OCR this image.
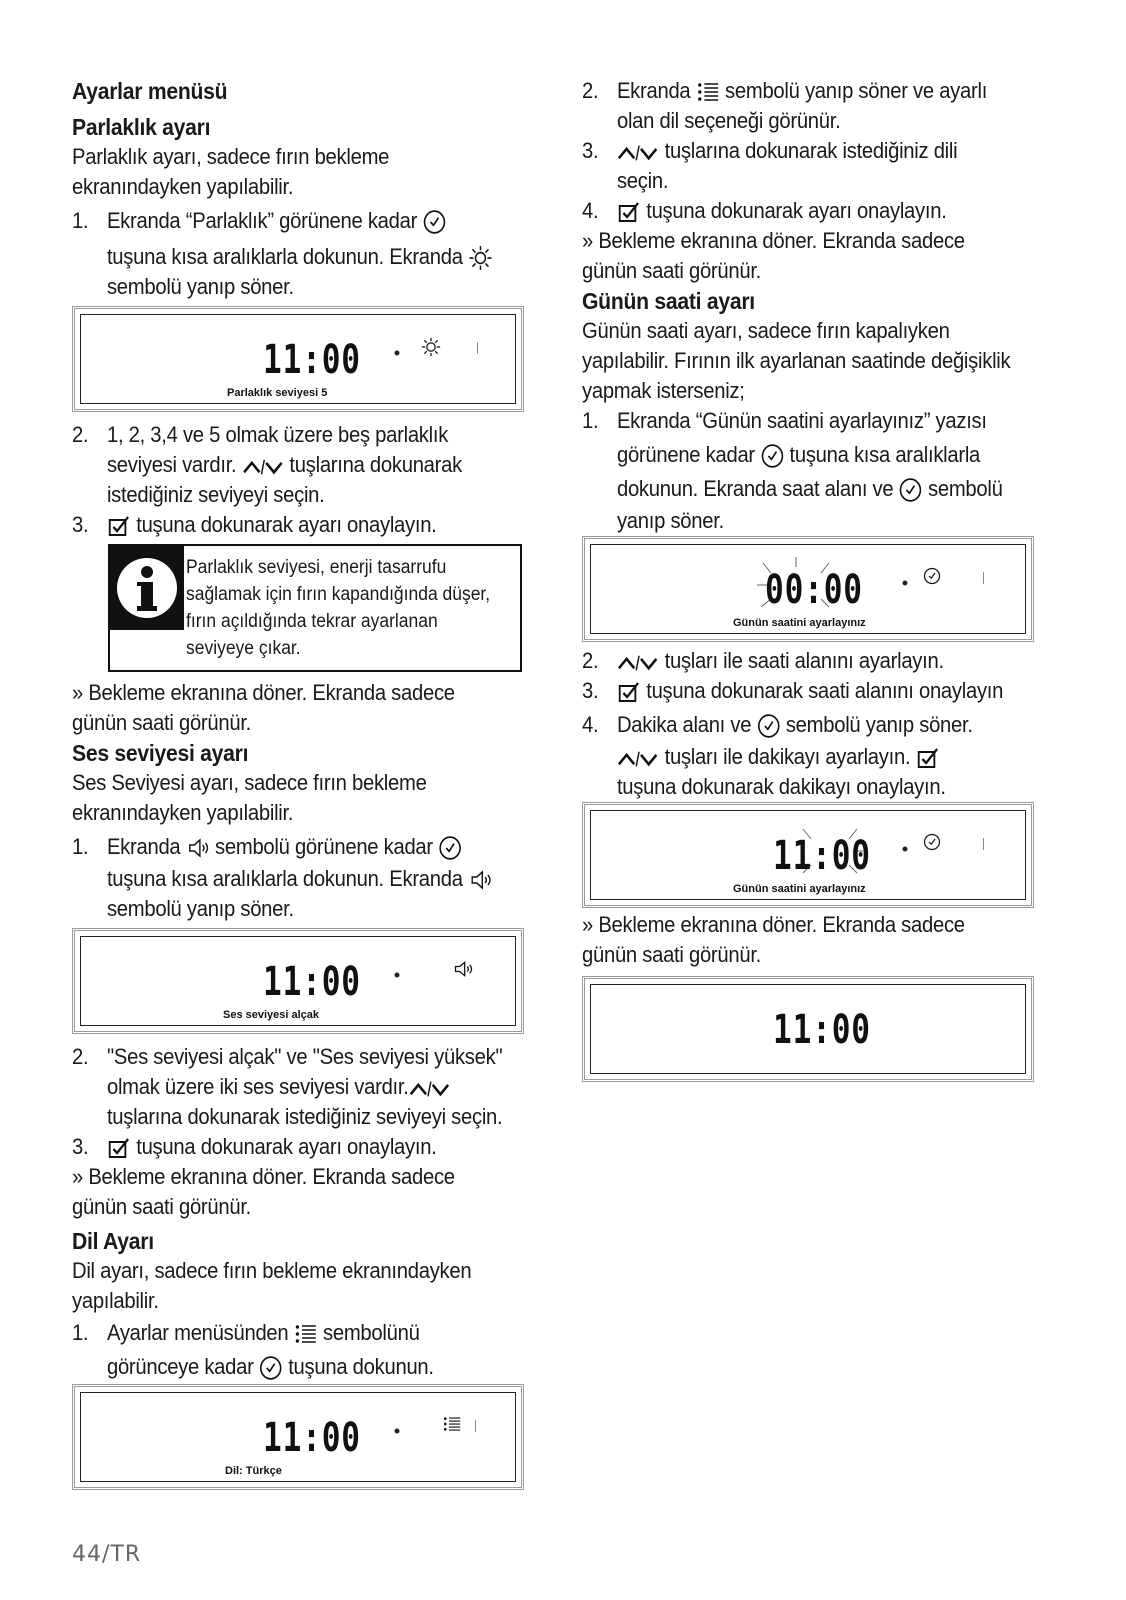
Ayarlar menüsü
Parlaklık ayarı
Parlaklık ayarı, sadece fırın bekleme
ekranındayken yapılabilir.
1. Ekranda “Parlaklık” görünene kadar
tuşuna kısa aralıklarla dokunun. Ekranda
sembolü yanıp söner.
11:00
Parlaklık seviyesi 5
2. 1, 2, 3,4 ve 5 olmak üzere beş parlaklık
seviyesi vardır. tuşlarına dokunarak
istediğiniz seviyeyi seçin.
3.	tuşuna dokunarak ayarı onaylayın.
Parlaklık seviyesi, enerji tasarrufu
sağlamak için fırın kapandığında düşer,
fırın açıldığında tekrar ayarlanan
seviyeye çıkar.
» Bekleme ekranına döner. Ekranda sadece
günün saati görünür.
Ses seviyesi ayarı
Ses Seviyesi ayarı, sadece fırın bekleme
ekranındayken yapılabilir.
1. Ekranda sembolü görünene kadar
tuşuna kısa aralıklarla dokunun. Ekranda
sembolü yanıp söner.
11:00
Ses seviyesi alçak
2. "Ses seviyesi alçak" ve "Ses seviyesi yüksek"
olmak üzere iki ses seviyesi vardır.
tuşlarına dokunarak istediğiniz seviyeyi seçin.
3.	tuşuna dokunarak ayarı onaylayın.
» Bekleme ekranına döner. Ekranda sadece
günün saati görünür.
Dil Ayarı
Dil ayarı, sadece fırın bekleme ekranındayken
yapılabilir.
1. Ayarlar menüsünden sembolünü
görünceye kadar tuşuna dokunun.
11:00
Dil: Türkçe
2. Ekranda sembolü yanıp söner ve ayarlı
olan dil seçeneği görünür.
3.	tuşlarına dokunarak istediğiniz dili
seçin.
4.	tuşuna dokunarak ayarı onaylayın.
» Bekleme ekranına döner. Ekranda sadece
günün saati görünür.
Günün saati ayarı
Günün saati ayarı, sadece fırın kapalıyken
yapılabilir. Fırının ilk ayarlanan saatinde değişiklik
yapmak isterseniz;
1. Ekranda “Günün saatini ayarlayınız” yazısı
görünene kadar tuşuna kısa aralıklarla
dokunun. Ekranda saat alanı ve sembolü
yanıp söner.
00:00
Günün saatini ayarlayınız
2.	tuşları ile saati alanını ayarlayın.
3.	tuşuna dokunarak saati alanını onaylayın
4. Dakika alanı ve sembolü yanıp söner.
tuşları ile dakikayı ayarlayın.
tuşuna dokunarak dakikayı onaylayın.
11:00
Günün saatini ayarlayınız
» Bekleme ekranına döner. Ekranda sadece
günün saati görünür.
11:00
44/TR
